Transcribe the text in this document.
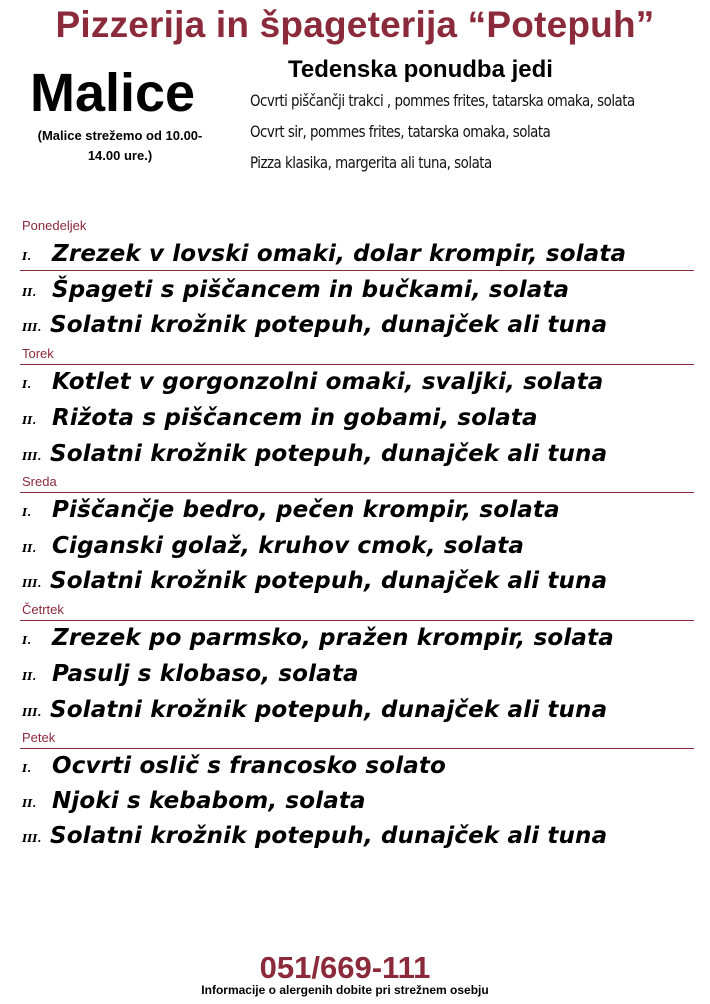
Pizzerija in špageterija “Potepuh”
Malice
(Malice strežemo od 10.00- 14.00 ure.)
Tedenska ponudba jedi
Ocvrti piščančji trakci , pommes frites, tatarska omaka, solata
Ocvrt sir, pommes frites, tatarska omaka, solata
Pizza klasika, margerita ali tuna, solata
Ponedeljek
I. Zrezek v lovski omaki, dolar krompir, solata
II. Špageti s piščancem in bučkami, solata
III. Solatni krožnik potepuh, dunajček ali tuna
Torek
I. Kotlet v gorgonzolni omaki, svaljki, solata
II. Rižota s piščancem in gobami, solata
III. Solatni krožnik potepuh, dunajček ali tuna
Sreda
I. Piščančje bedro, pečen krompir, solata
II. Ciganski golaž, kruhov cmok, solata
III. Solatni krožnik potepuh, dunajček ali tuna
Četrtek
I. Zrezek po parmsko, pražen krompir, solata
II. Pasulj s klobaso, solata
III. Solatni krožnik potepuh, dunajček ali tuna
Petek
I. Ocvrti oslič s francosko solato
II. Njoki s kebabom, solata
III. Solatni krožnik potepuh, dunajček ali tuna
051/669-111
Informacije o alergenih dobite pri strežnem osebju
